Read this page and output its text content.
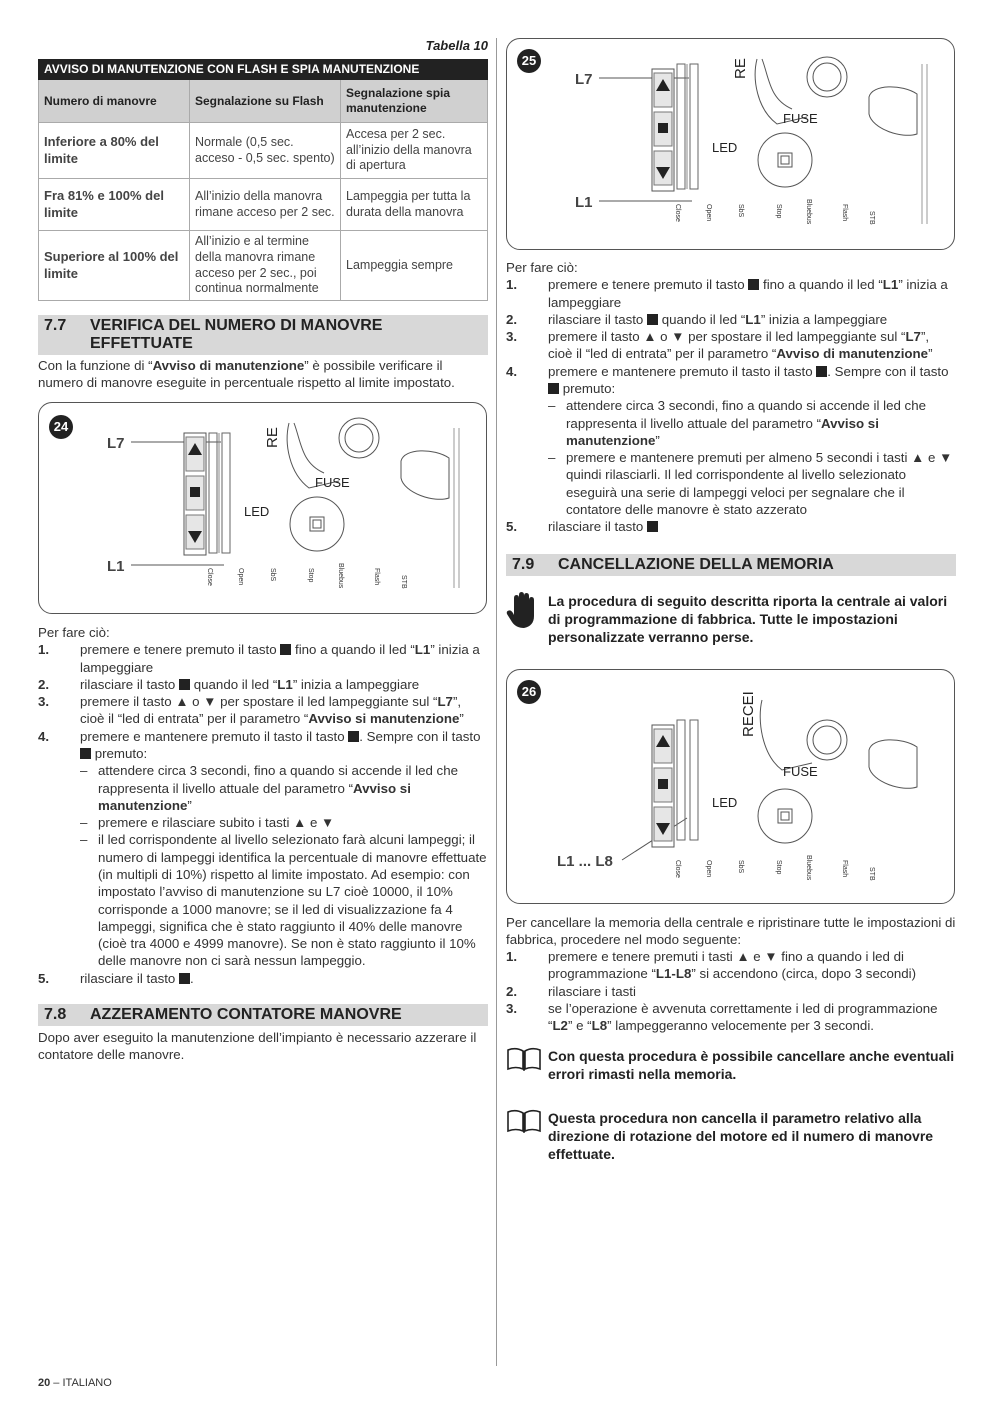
Tabella 10
AVVISO DI MANUTENZIONE CON FLASH E SPIA MANUTENZIONE		
Numero di manovre	Segnalazione su Flash	Segnalazione spia manutenzione
Inferiore a 80% del limite	Normale (0,5 sec. acceso - 0,5 sec. spento)	Accesa per 2 sec. all’inizio della manovra di apertura
Fra 81% e 100% del limite	All’inizio della manovra rimane acceso per 2 sec.	Lampeggia per tutta la durata della manovra
Superiore al 100% del limite	All’inizio e al termine della manovra rimane acceso per 2 sec., poi continua normalmente	Lampeggia sempre
7.7 VERIFICA DEL NUMERO DI MANOVRE EFFETTUATE
Con la funzione di “Avviso di manutenzione” è possibile verificare il numero di manovre eseguite in percentuale rispetto al limite impostato.
24
L7
L1
RE
FUSE
LED
Close	Open	SbS	Stop	Bluebus	Flash	STB
Per fare ciò:
1.	premere e tenere premuto il tasto fino a quando il led “L1” inizia a lampeggiare
2.	rilasciare il tasto quando il led “L1” inizia a lampeggiare
3.	premere il tasto ▲ o ▼ per spostare il led lampeggiante sul “L7”, cioè il “led di entrata” per il parametro “Avviso si manutenzione”
4.	premere e mantenere premuto il tasto il tasto . Sempre con il tasto  premuto:
– attendere circa 3 secondi, fino a quando si accende il led che rappresenta il livello attuale del parametro “Avviso si manutenzione”
– premere e rilasciare subito i tasti ▲ e ▼
– il led corrispondente al livello selezionato farà alcuni lampeggi; il numero di lampeggi identifica la percentuale di manovre effettuate (in multipli di 10%) rispetto al limite impostato. Ad esempio: con impostato l’avviso di manutenzione su L7 cioè 10000, il 10% corrisponde a 1000 manovre; se il led di visualizzazione fa 4 lampeggi, significa che è stato raggiunto il 40% delle manovre (cioè tra 4000 e 4999 manovre). Se non è stato raggiunto il 10% delle manovre non ci sarà nessun lampeggio.
5.	rilasciare il tasto .
7.8 AZZERAMENTO CONTATORE MANOVRE
Dopo aver eseguito la manutenzione dell’impianto è necessario azzerare il contatore delle manovre.
25
L7
L1
RE
FUSE
LED
Close	Open	SbS	Stop	Bluebus	Flash	STB
Per fare ciò:
1.	premere e tenere premuto il tasto fino a quando il led “L1” inizia a lampeggiare
2.	rilasciare il tasto quando il led “L1” inizia a lampeggiare
3.	premere il tasto ▲ o ▼ per spostare il led lampeggiante sul “L7”, cioè il “led di entrata” per il parametro “Avviso di manutenzione”
4.	premere e mantenere premuto il tasto il tasto . Sempre con il tasto  premuto:
– attendere circa 3 secondi, fino a quando si accende il led che rappresenta il livello attuale del parametro “Avviso si manutenzione”
– premere e mantenere premuti per almeno 5 secondi i tasti ▲ e ▼ quindi rilasciarli. Il led corrispondente al livello selezionato eseguirà una serie di lampeggi veloci per segnalare che il contatore delle manovre è stato azzerato
5.	rilasciare il tasto
7.9 CANCELLAZIONE DELLA MEMORIA
La procedura di seguito descritta riporta la centrale ai valori di programmazione di fabbrica. Tutte le impostazioni personalizzate verranno perse.
26
L1 ... L8
RECEI
FUSE
LED
Close	Open	SbS	Stop	Bluebus	Flash	STB
Per cancellare la memoria della centrale e ripristinare tutte le impostazioni di fabbrica, procedere nel modo seguente:
1.	premere e tenere premuti i tasti ▲ e ▼ fino a quando i led di programmazione “L1-L8” si accendono (circa, dopo 3 secondi)
2.	rilasciare i tasti
3.	se l’operazione è avvenuta correttamente i led di programmazione “L2” e “L8” lampeggeranno velocemente per 3 secondi.
Con questa procedura è possibile cancellare anche eventuali errori rimasti nella memoria.
Questa procedura non cancella il parametro relativo alla direzione di rotazione del motore ed il numero di manovre effettuate.
20 – ITALIANO
